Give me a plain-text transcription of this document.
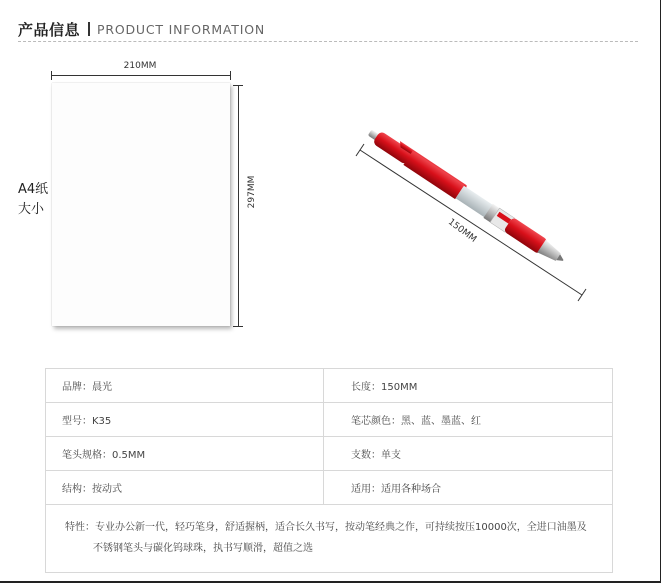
产品信息 PRODUCT INFORMATION
210MM
297MM
A4纸
大小
150MM
品牌：晨光	长度：150MM
型号：K35	笔芯颜色：黑、蓝、墨蓝、红
笔头规格：0.5MM	支数：单支
结构：按动式	适用：适用各种场合
特性：专业办公新一代，轻巧笔身，舒适握柄，适合长久书写，按动笔经典之作，可持续按压10000次，全进口油墨及
不锈钢笔头与碳化钨球珠，执书写顺滑，超值之选
